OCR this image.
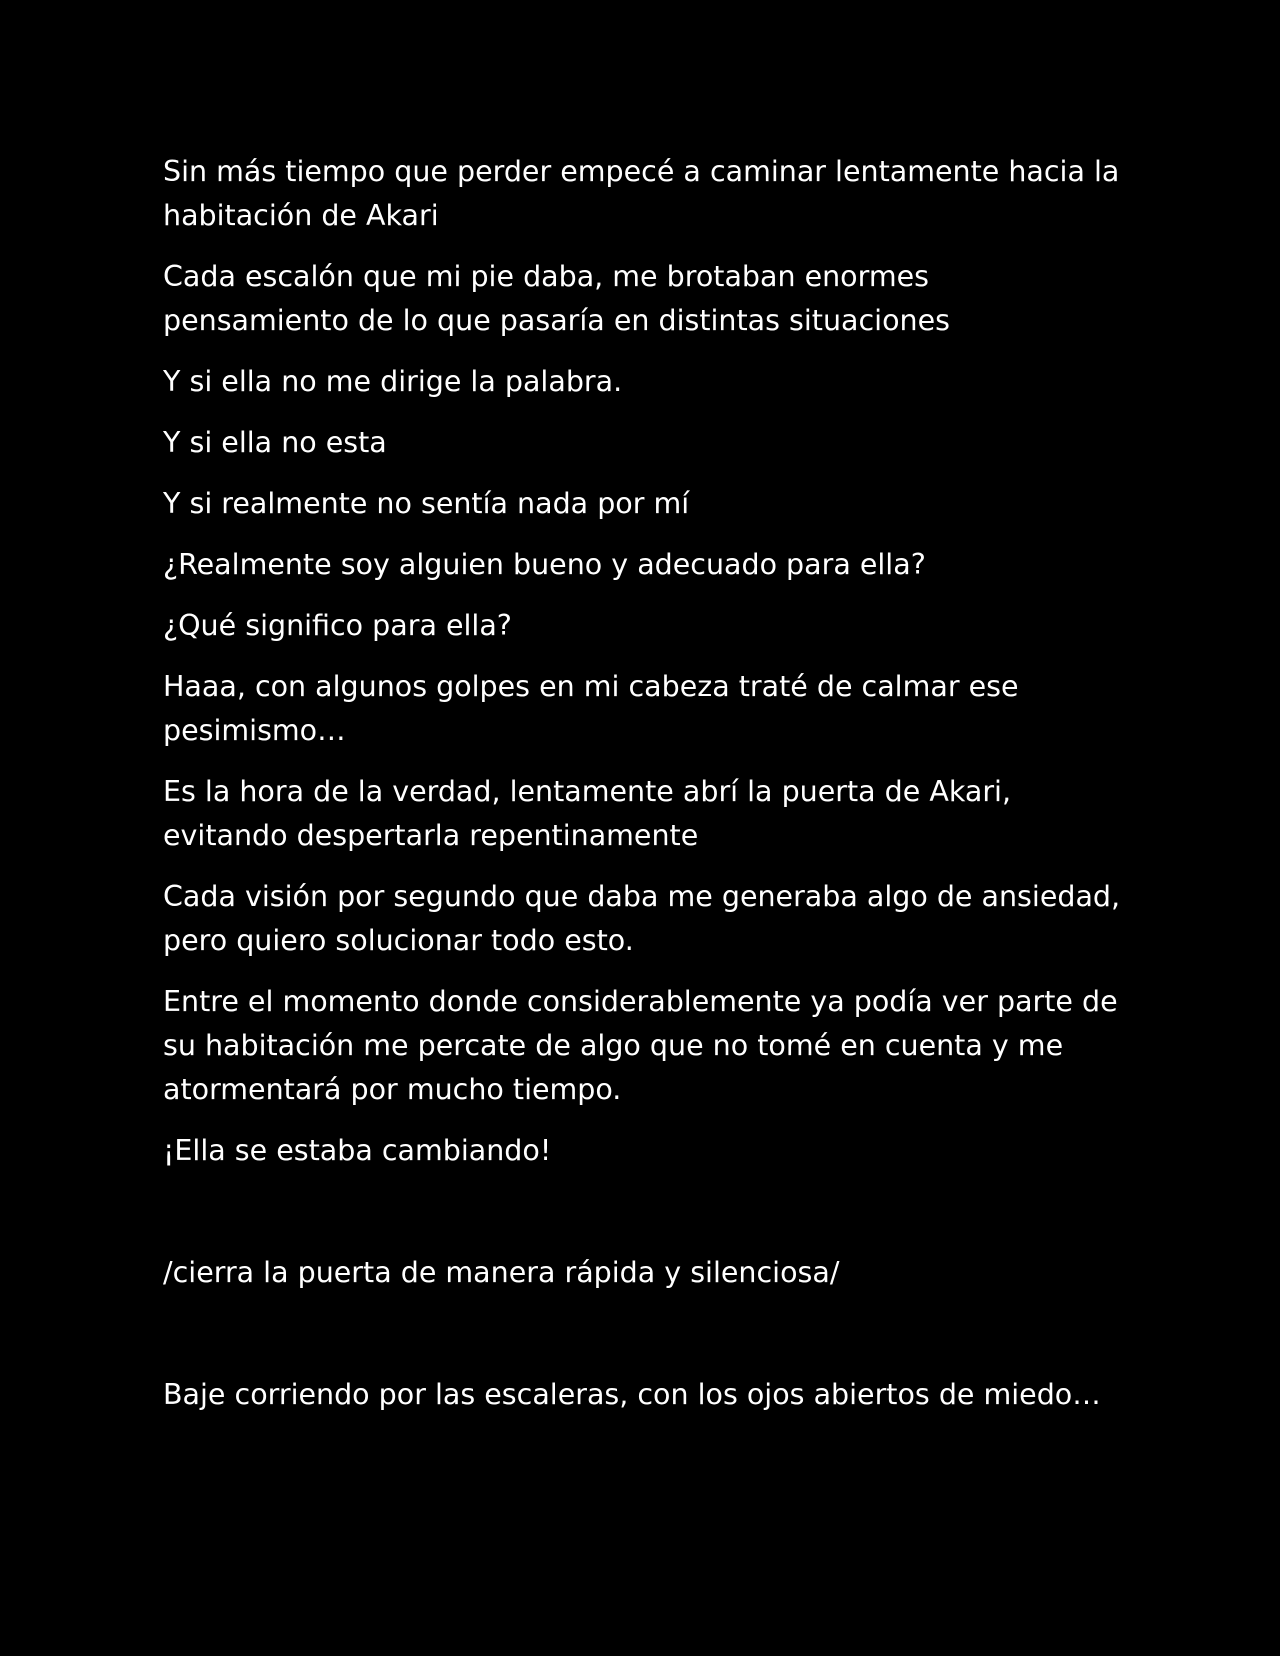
Sin más tiempo que perder empecé a caminar lentamente hacia la habitación de Akari

Cada escalón que mi pie daba, me brotaban enormes pensamiento de lo que pasaría en distintas situaciones

Y si ella no me dirige la palabra.

Y si ella no esta

Y si realmente no sentía nada por mí

¿Realmente soy alguien bueno y adecuado para ella?

¿Qué significo para ella?

Haaa, con algunos golpes en mi cabeza traté de calmar ese pesimismo…

Es la hora de la verdad, lentamente abrí la puerta de Akari, evitando despertarla repentinamente

Cada visión por segundo que daba me generaba algo de ansiedad, pero quiero solucionar todo esto.

Entre el momento donde considerablemente ya podía ver parte de su habitación me percate de algo que no tomé en cuenta y me atormentará por mucho tiempo.

¡Ella se estaba cambiando!

/cierra la puerta de manera rápida y silenciosa/

Baje corriendo por las escaleras, con los ojos abiertos de miedo…
